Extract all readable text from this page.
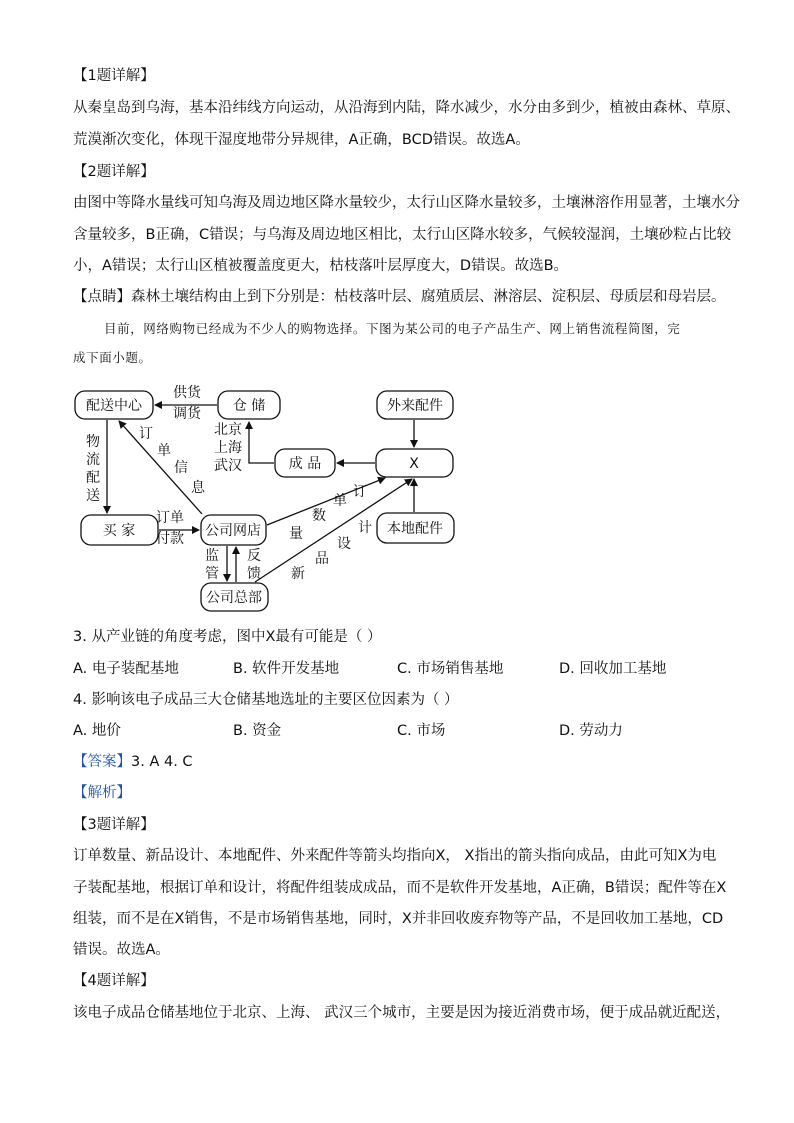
【1题详解】
从秦皇岛到乌海，基本沿纬线方向运动，从沿海到内陆，降水减少，水分由多到少，植被由森林、草原、
荒漠渐次变化，体现干湿度地带分异规律，A正确，BCD错误。故选A。
【2题详解】
由图中等降水量线可知乌海及周边地区降水量较少，太行山区降水量较多，土壤淋溶作用显著，土壤水分
含量较多，B正确，C错误；与乌海及周边地区相比，太行山区降水较多，气候较湿润，土壤砂粒占比较
小，A错误；太行山区植被覆盖度更大，枯枝落叶层厚度大，D错误。故选B。
【点睛】森林土壤结构由上到下分别是：枯枝落叶层、腐殖质层、淋溶层、淀积层、母质层和母岩层。
目前，网络购物已经成为不少人的购物选择。下图为某公司的电子产品生产、网上销售流程简图，完
成下面小题。
配送中心	仓 储	外来配件
成 品	X
买 家	公司网店	本地配件
公司总部
供货
调货
北京
上海
武汉
物
流
配
送
订
单
信
息
订单
付款
订
单
数
量	计
设
品
新
监
管
反
馈
3. 从产业链的角度考虑，图中X最有可能是（ ）
A. 电子装配基地	B. 软件开发基地	C. 市场销售基地	D. 回收加工基地
4. 影响该电子成品三大仓储基地选址的主要区位因素为（ ）
A. 地价	B. 资金	C. 市场	D. 劳动力
【答案】3. A 4. C
【解析】
【3题详解】
订单数量、新品设计、本地配件、外来配件等箭头均指向X， X指出的箭头指向成品，由此可知X为电
子装配基地，根据订单和设计，将配件组装成成品，而不是软件开发基地，A正确，B错误；配件等在X
组装，而不是在X销售，不是市场销售基地，同时，X并非回收废弃物等产品，不是回收加工基地，CD
错误。故选A。
【4题详解】
该电子成品仓储基地位于北京、上海、 武汉三个城市，主要是因为接近消费市场，便于成品就近配送，
